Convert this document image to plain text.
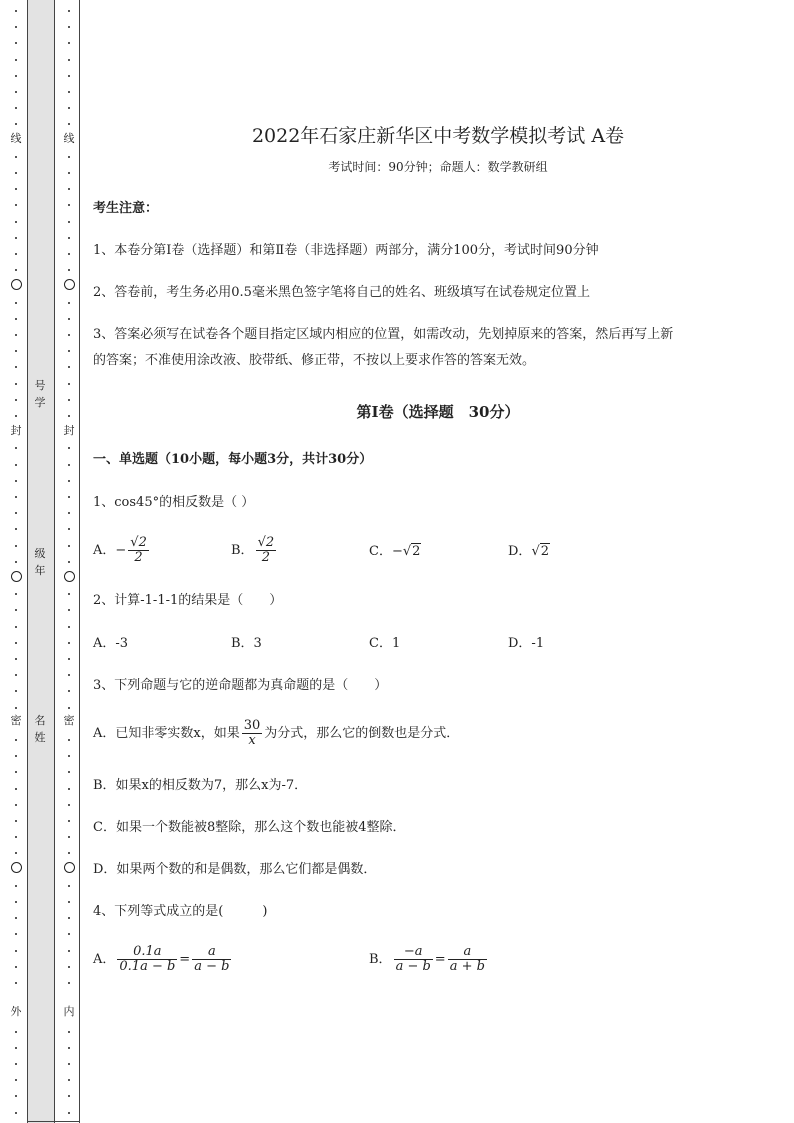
线
封
密
外
线
封
密
内
号
学
级
年
名
姓
2022年石家庄新华区中考数学模拟考试 A卷
考试时间：90分钟；命题人：数学教研组
考生注意：
1、本卷分第Ⅰ卷（选择题）和第Ⅱ卷（非选择题）两部分，满分100分，考试时间90分钟
2、答卷前，考生务必用0.5毫米黑色签字笔将自己的姓名、班级填写在试卷规定位置上
3、答案必须写在试卷各个题目指定区域内相应的位置，如需改动，先划掉原来的答案，然后再写上新
的答案；不准使用涂改液、胶带纸、修正带，不按以上要求作答的答案无效。
第Ⅰ卷（选择题　30分）
一、单选题（10小题，每小题3分，共计30分）
1、cos45°的相反数是（ ）
A．− $\frac{√2}{2}$	B． $\frac{√2}{2}$	C．−√2	D．√2
2、计算-1-1-1的结果是（　　）
A．-3	B．3	C．1	D．-1
3、下列命题与它的逆命题都为真命题的是（　　）
A．已知非零实数x，如果 $\frac{30}{x}$ 为分式，那么它的倒数也是分式．
B．如果x的相反数为7，那么x为-7．
C．如果一个数能被8整除，那么这个数也能被4整除．
D．如果两个数的和是偶数，那么它们都是偶数．
4、下列等式成立的是(　　　)
A． $\frac{0.1a}{0.1a - b} = \frac{a}{a - b}$	B． $\frac{-a}{a - b} = \frac{a}{a + b}$
